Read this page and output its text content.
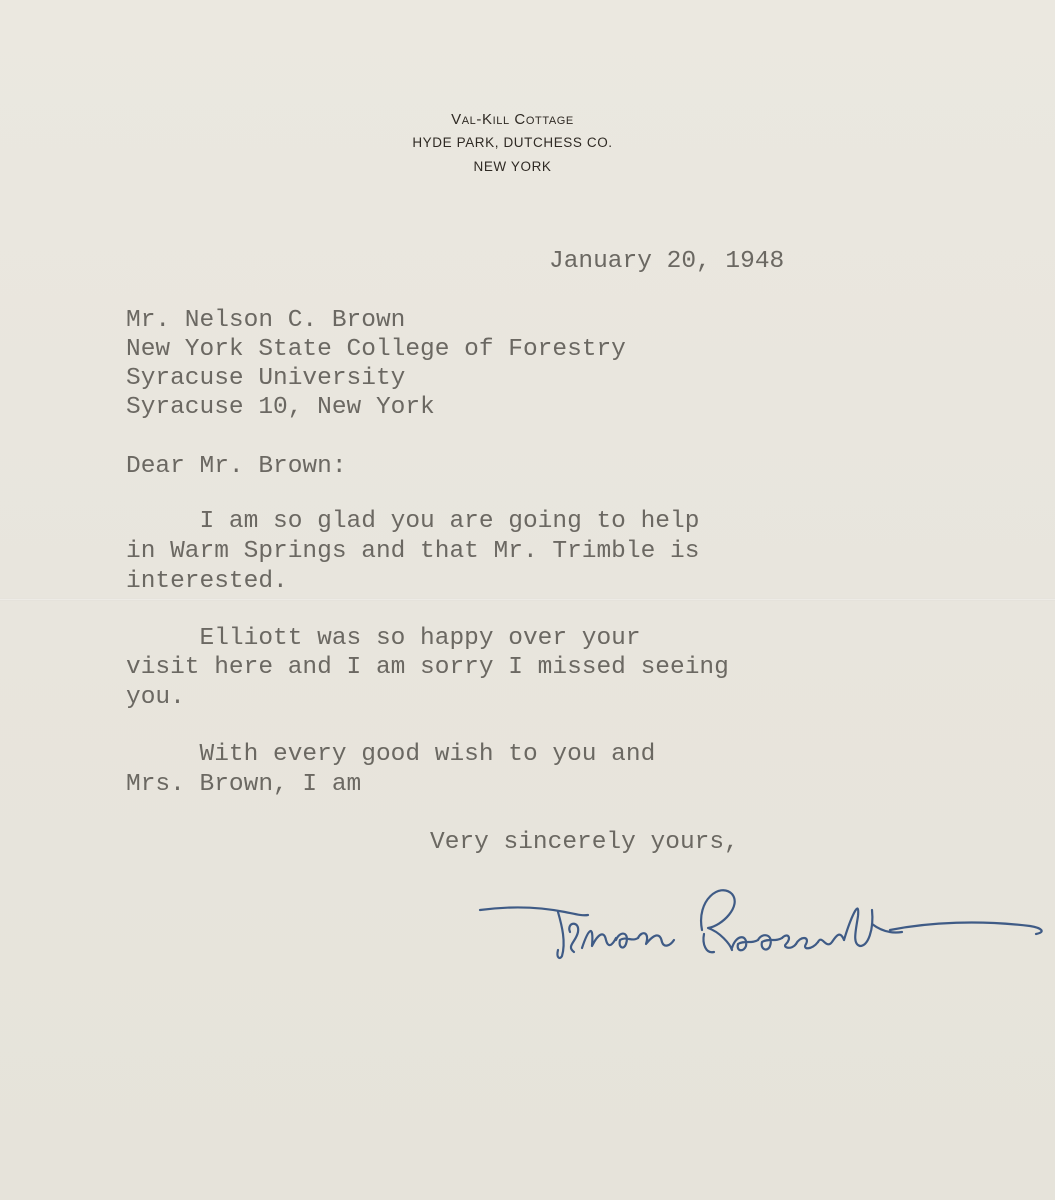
Val-Kill Cottage
HYDE PARK, DUTCHESS CO.
NEW YORK
January 20, 1948
Mr. Nelson C. Brown
New York State College of Forestry
Syracuse University
Syracuse 10, New York
Dear Mr. Brown:
I am so glad you are going to help
in Warm Springs and that Mr. Trimble is
interested.
Elliott was so happy over your
visit here and I am sorry I missed seeing
you.
With every good wish to you and
Mrs. Brown, I am
Very sincerely yours,
